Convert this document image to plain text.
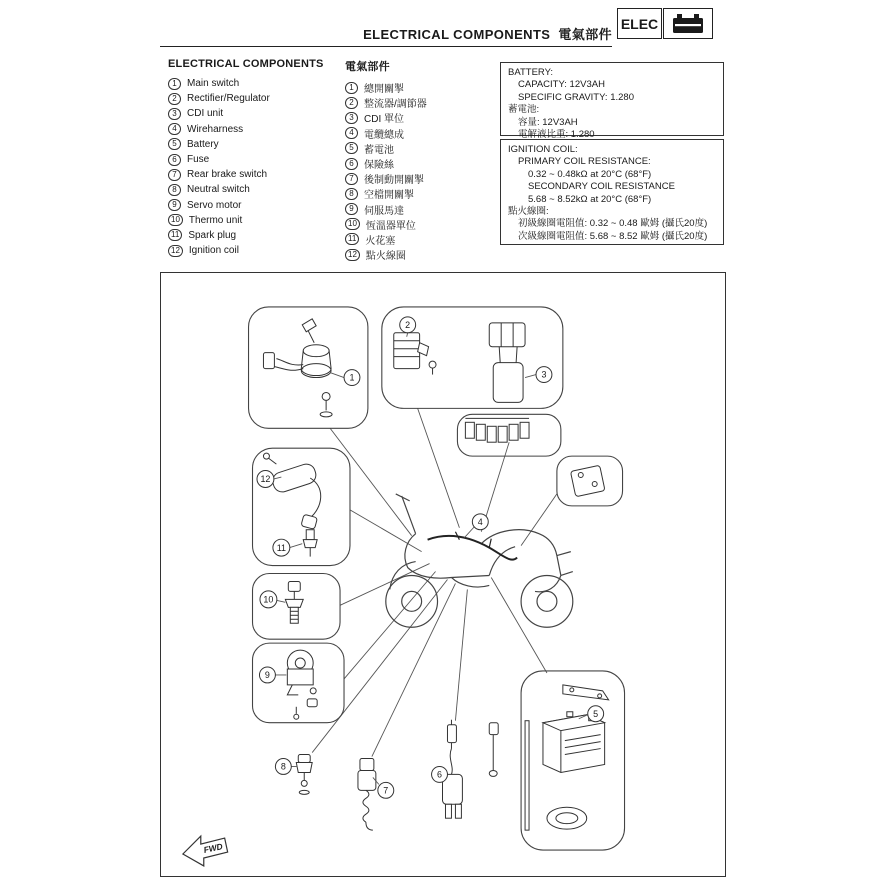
ELECTRICAL COMPONENTS 電氣部件
ELEC
ELECTRICAL COMPONENTS
1	Main switch
2	Rectifier/Regulator
3	CDI unit
4	Wireharness
5	Battery
6	Fuse
7	Rear brake switch
8	Neutral switch
9	Servo motor
10 Thermo unit
11 Spark plug
12 Ignition coil
電氣部件
1	總開關掣
2	整流器/調節器
3	CDI 單位
4	電纜總成
5	蓄電池
6	保險絲
7	後制動開關掣
8	空檔開關掣
9	伺服馬達
10 恆溫器單位
11 火花塞
12 點火線圈
BATTERY:
CAPACITY: 12V3AH
SPECIFIC GRAVITY: 1.280
蓄電池:
容量: 12V3AH
電解液比重: 1.280
IGNITION COIL:
PRIMARY COIL RESISTANCE:
0.32 ~ 0.48kΩ at 20°C (68°F)
SECONDARY COIL RESISTANCE
5.68 ~ 8.52kΩ at 20°C (68°F)
點火線圈:
初級線圈電阻值: 0.32 ~ 0.48 歐姆 (攝氏20度)
次級線圈電阻值: 5.68 ~ 8.52 歐姆 (攝氏20度)
1
2
3
4
5
6
7
8
9
10
11
12
FWD
